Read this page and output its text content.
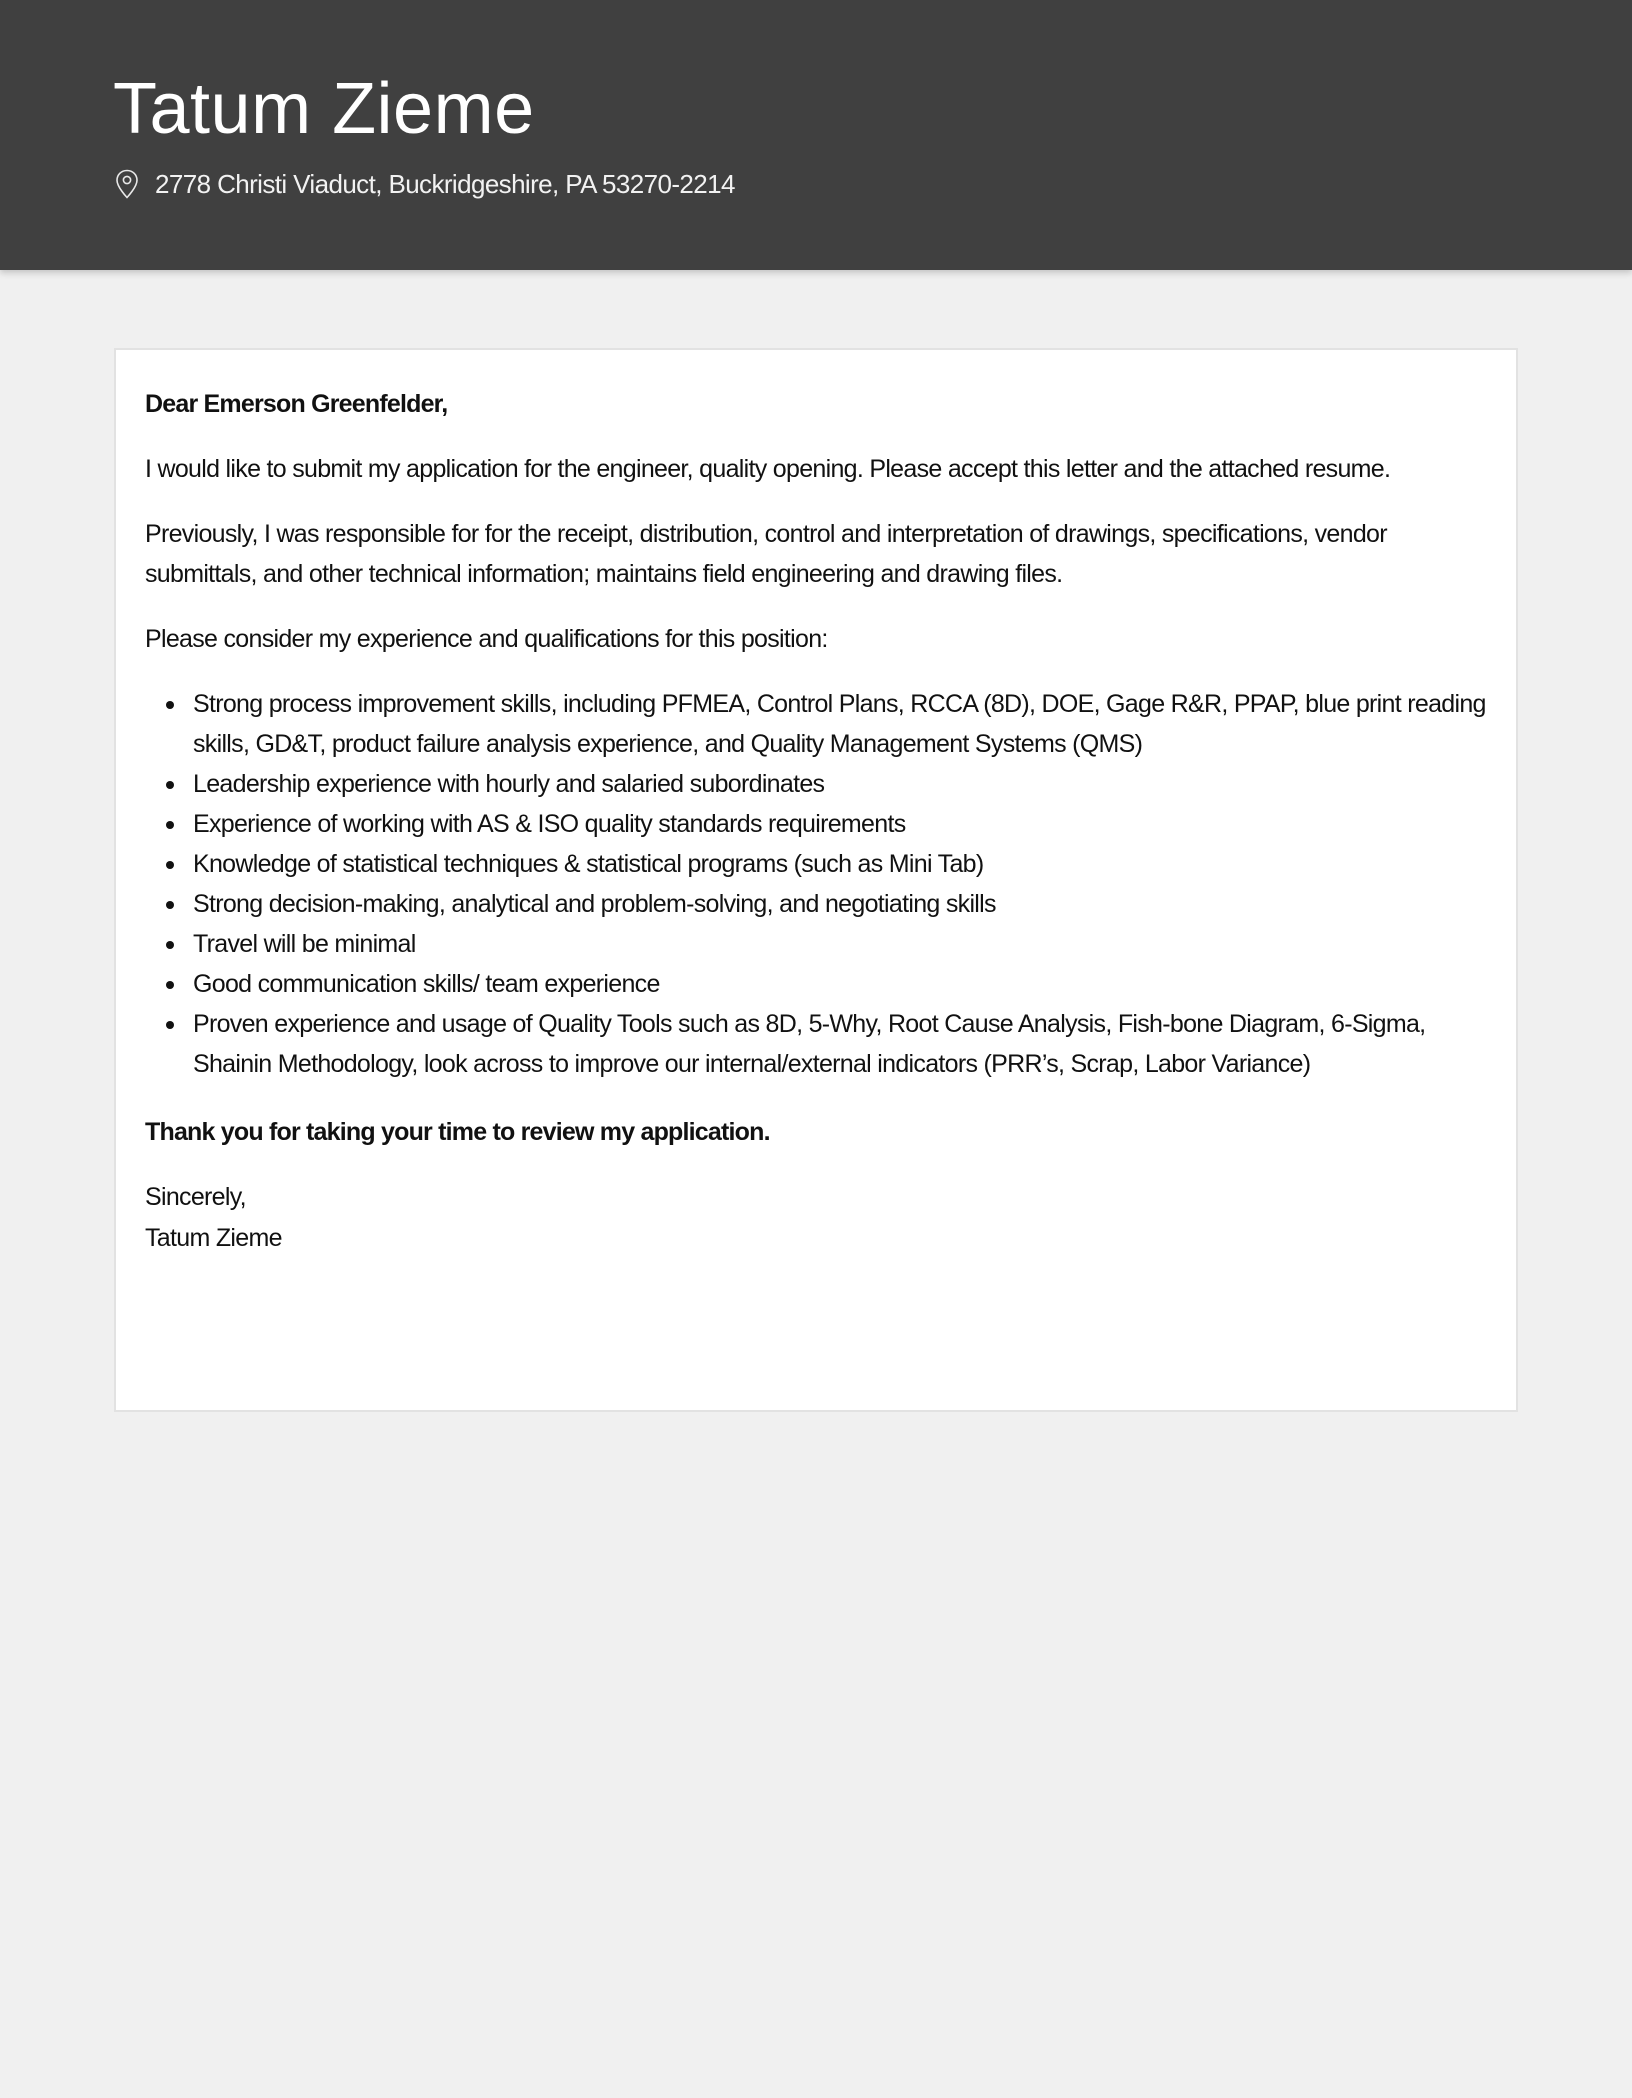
Tatum Zieme
2778 Christi Viaduct, Buckridgeshire, PA 53270-2214

Dear Emerson Greenfelder,

I would like to submit my application for the engineer, quality opening. Please accept this letter and the attached resume.

Previously, I was responsible for for the receipt, distribution, control and interpretation of drawings, specifications, vendor submittals, and other technical information; maintains field engineering and drawing files.

Please consider my experience and qualifications for this position:

Strong process improvement skills, including PFMEA, Control Plans, RCCA (8D), DOE, Gage R&R, PPAP, blue print reading skills, GD&T, product failure analysis experience, and Quality Management Systems (QMS)
Leadership experience with hourly and salaried subordinates
Experience of working with AS & ISO quality standards requirements
Knowledge of statistical techniques & statistical programs (such as Mini Tab)
Strong decision-making, analytical and problem-solving, and negotiating skills
Travel will be minimal
Good communication skills/ team experience
Proven experience and usage of Quality Tools such as 8D, 5-Why, Root Cause Analysis, Fish-bone Diagram, 6-Sigma, Shainin Methodology, look across to improve our internal/external indicators (PRR’s, Scrap, Labor Variance)

Thank you for taking your time to review my application.

Sincerely,
Tatum Zieme
